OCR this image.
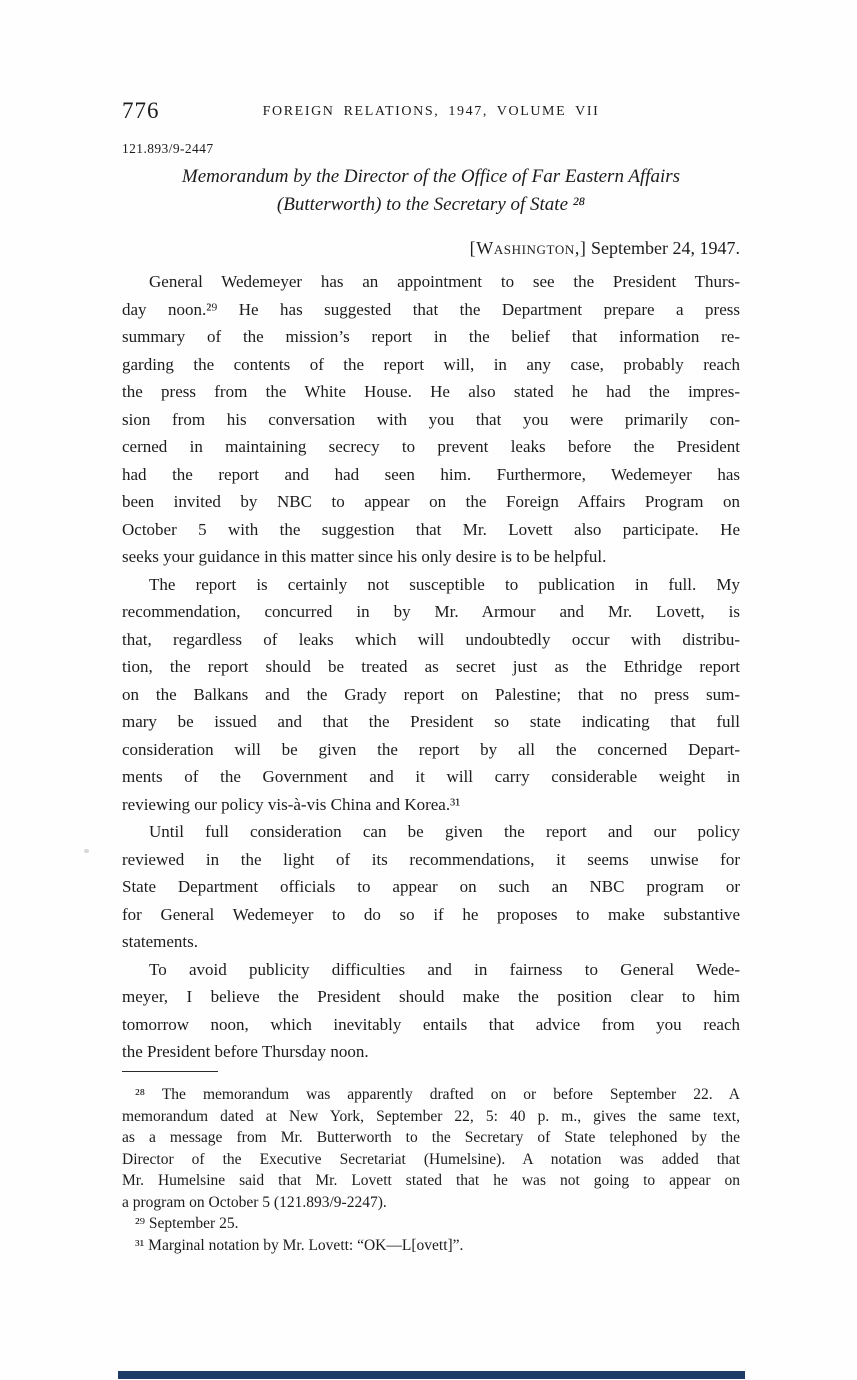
776	FOREIGN RELATIONS, 1947, VOLUME VII
121.893/9-2447
Memorandum by the Director of the Office of Far Eastern Affairs
(Butterworth) to the Secretary of State ²⁸
[Washington,] September 24, 1947.
General Wedemeyer has an appointment to see the President Thurs-
day noon.²⁹ He has suggested that the Department prepare a press
summary of the mission’s report in the belief that information re-
garding the contents of the report will, in any case, probably reach
the press from the White House. He also stated he had the impres-
sion from his conversation with you that you were primarily con-
cerned in maintaining secrecy to prevent leaks before the President
had the report and had seen him. Furthermore, Wedemeyer has
been invited by NBC to appear on the Foreign Affairs Program on
October 5 with the suggestion that Mr. Lovett also participate. He
seeks your guidance in this matter since his only desire is to be helpful.
The report is certainly not susceptible to publication in full. My
recommendation, concurred in by Mr. Armour and Mr. Lovett, is
that, regardless of leaks which will undoubtedly occur with distribu-
tion, the report should be treated as secret just as the Ethridge report
on the Balkans and the Grady report on Palestine; that no press sum-
mary be issued and that the President so state indicating that full
consideration will be given the report by all the concerned Depart-
ments of the Government and it will carry considerable weight in
reviewing our policy vis-à-vis China and Korea.³¹
Until full consideration can be given the report and our policy
reviewed in the light of its recommendations, it seems unwise for
State Department officials to appear on such an NBC program or
for General Wedemeyer to do so if he proposes to make substantive
statements.
To avoid publicity difficulties and in fairness to General Wede-
meyer, I believe the President should make the position clear to him
tomorrow noon, which inevitably entails that advice from you reach
the President before Thursday noon.
²⁸ The memorandum was apparently drafted on or before September 22. A
memorandum dated at New York, September 22, 5: 40 p. m., gives the same text,
as a message from Mr. Butterworth to the Secretary of State telephoned by the
Director of the Executive Secretariat (Humelsine). A notation was added that
Mr. Humelsine said that Mr. Lovett stated that he was not going to appear on
a program on October 5 (121.893/9-2247).
²⁹ September 25.
³¹ Marginal notation by Mr. Lovett: “OK—L[ovett]”.
